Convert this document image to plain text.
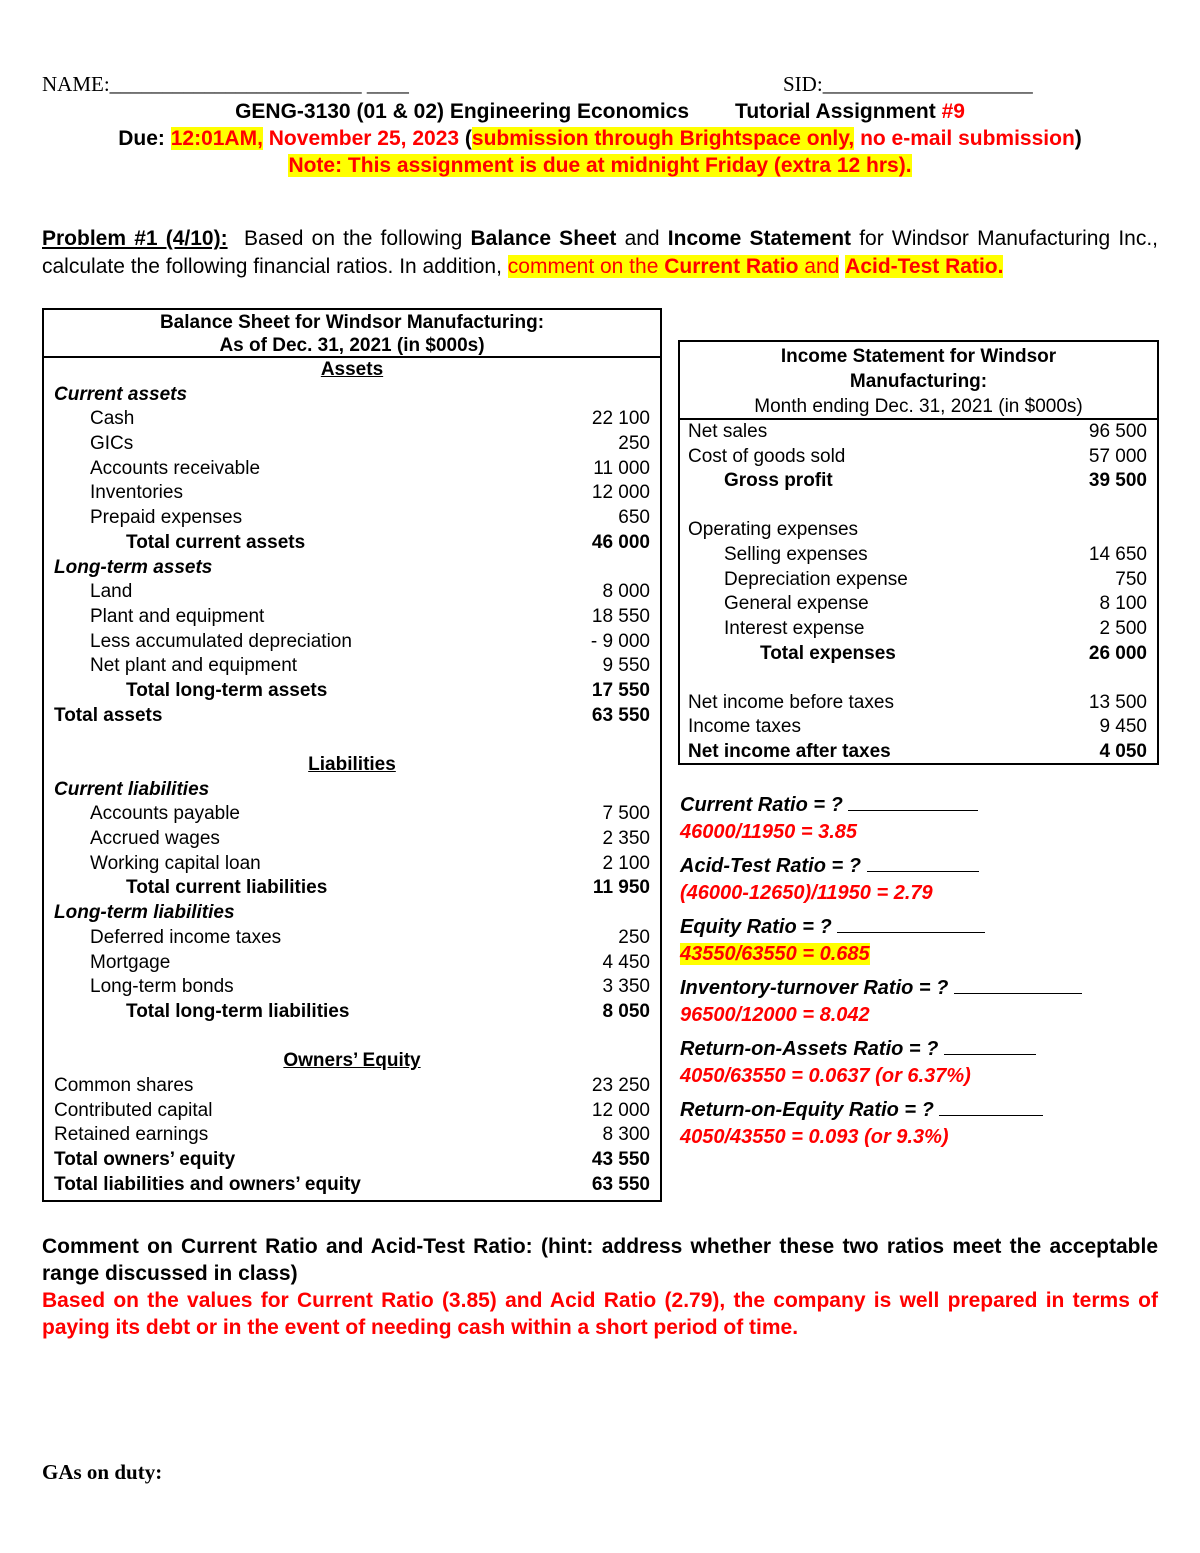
NAME:________________________ ____	SID:____________________
GENG-3130 (01 & 02) Engineering Economics Tutorial Assignment #9
Due: 12:01AM, November 25, 2023 (submission through Brightspace only, no e-mail submission)
Note: This assignment is due at midnight Friday (extra 12 hrs).
Problem #1 (4/10): Based on the following Balance Sheet and Income Statement for Windsor Manufacturing Inc., calculate the following financial ratios. In addition, comment on the Current Ratio and Acid-Test Ratio.
Balance Sheet for Windsor Manufacturing:
As of Dec. 31, 2021 (in $000s)
Assets
Current assets
Cash	22 100
GICs	250
Accounts receivable	11 000
Inventories	12 000
Prepaid expenses	650
Total current assets	46 000
Long-term assets
Land	8 000
Plant and equipment	18 550
Less accumulated depreciation	- 9 000
Net plant and equipment	9 550
Total long-term assets	17 550
Total assets	63 550
Liabilities
Current liabilities
Accounts payable	7 500
Accrued wages	2 350
Working capital loan	2 100
Total current liabilities	11 950
Long-term liabilities
Deferred income taxes	250
Mortgage	4 450
Long-term bonds	3 350
Total long-term liabilities	8 050
Owners’ Equity
Common shares	23 250
Contributed capital	12 000
Retained earnings	8 300
Total owners’ equity	43 550
Total liabilities and owners’ equity	63 550
Income Statement for Windsor
Manufacturing:
Month ending Dec. 31, 2021 (in $000s)
Net sales	96 500
Cost of goods sold	57 000
Gross profit	39 500
Operating expenses
Selling expenses	14 650
Depreciation expense	750
General expense	8 100
Interest expense	2 500
Total expenses	26 000
Net income before taxes	13 500
Income taxes	9 450
Net income after taxes	4 050
Current Ratio = ?
46000/11950 = 3.85
Acid-Test Ratio = ?
(46000-12650)/11950 = 2.79
Equity Ratio = ?
43550/63550 = 0.685
Inventory-turnover Ratio = ?
96500/12000 = 8.042
Return-on-Assets Ratio = ?
4050/63550 = 0.0637 (or 6.37%)
Return-on-Equity Ratio = ?
4050/43550 = 0.093 (or 9.3%)
Comment on Current Ratio and Acid-Test Ratio: (hint: address whether these two ratios meet the acceptable range discussed in class)
Based on the values for Current Ratio (3.85) and Acid Ratio (2.79), the company is well prepared in terms of paying its debt or in the event of needing cash within a short period of time.
GAs on duty:
